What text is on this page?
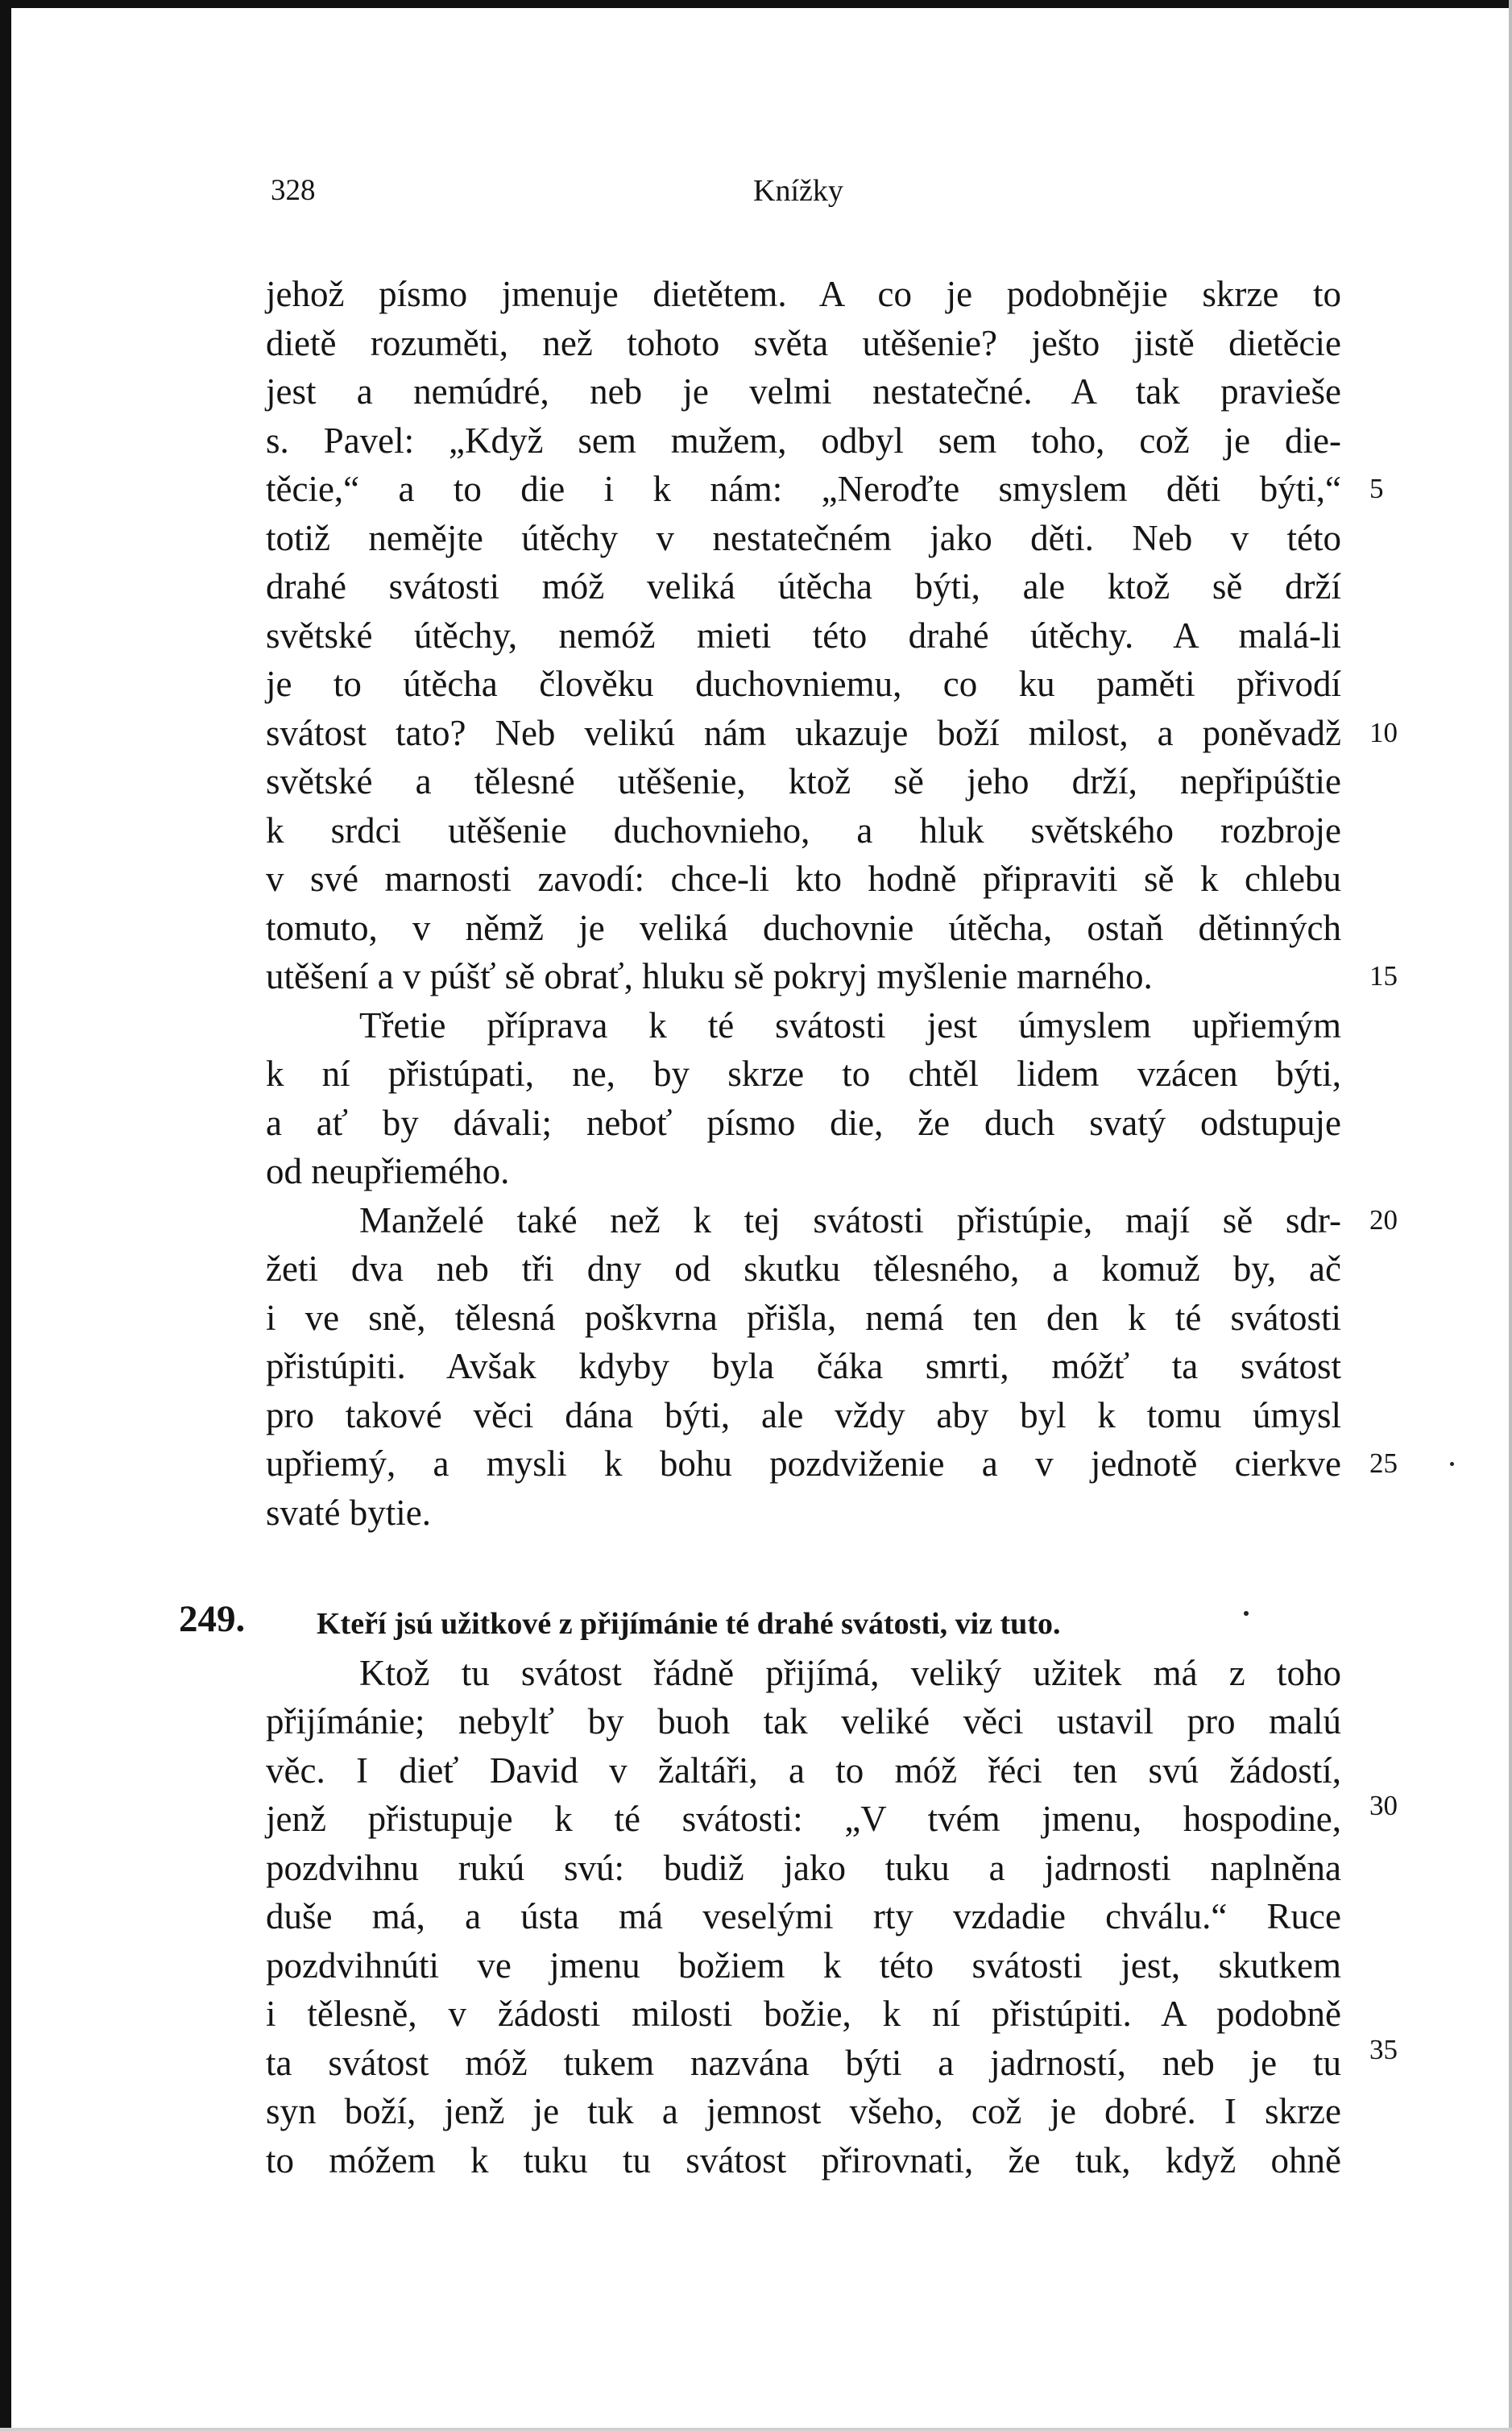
328	Knížky
jehož písmo jmenuje dietětem. A co je podobnějie skrze to
dietě rozuměti, než tohoto světa utěšenie? ješto jistě dietěcie
jest a nemúdré, neb je velmi nestatečné. A tak pravieše
s. Pavel: „Když sem mužem, odbyl sem toho, což je die-
těcie,“ a to die i k nám: „Neroďte smyslem děti býti,“
totiž nemějte útěchy v nestatečném jako děti. Neb v této
drahé svátosti móž veliká útěcha býti, ale ktož sě drží
světské útěchy, nemóž mieti této drahé útěchy. A malá-li
je to útěcha člověku duchovniemu, co ku paměti přivodí
svátost tato? Neb velikú nám ukazuje boží milost, a poněvadž
světské a tělesné utěšenie, ktož sě jeho drží, nepřipúštie
k srdci utěšenie duchovnieho, a hluk světského rozbroje
v své marnosti zavodí: chce-li kto hodně připraviti sě k chlebu
tomuto, v němž je veliká duchovnie útěcha, ostaň dětinných
utěšení a v púšť sě obrať, hluku sě pokryj myšlenie marného.
Třetie přípravа k té svátosti jest úmyslem upřiemým
k ní přistúpati, ne, by skrze to chtěl lidem vzácen býti,
a ať by dávali; neboť písmo die, že duch svatý odstupuje
od neupřiemého.
Manželé také než k tej svátosti přistúpie, mají sě sdr-
žeti dva neb tři dny od skutku tělesného, a komuž by, ač
i ve sně, tělesná poškvrna přišla, nemá ten den k té svátosti
přistúpiti. Avšak kdyby byla čáka smrti, móžť ta svátost
pro takové věci dána býti, ale vždy aby byl k tomu úmysl
upřiemý, a mysli k bohu pozdviženie a v jednotě cierkve
svaté bytie.
249. Kteří jsú užitkové z přijímánie té drahé svátosti, viz tuto.
Ktož tu svátost řádně přijímá, veliký užitek má z toho
přijímánie; nebylť by buoh tak veliké věci ustavil pro malú
věc. I dieť David v žaltáři, a to móž řéci ten svú žádostí,
jenž přistupuje k té svátosti: „V tvém jmenu, hospodine,
pozdvihnu rukú svú: budiž jako tuku a jadrnosti naplněna
duše má, a ústa má veselými rty vzdadie chválu.“ Ruce
pozdvihnúti ve jmenu božiem k této svátosti jest, skutkem
i tělesně, v žádosti milosti božie, k ní přistúpiti. A podobně
ta svátost móž tukem nazvána býti a jadrností, neb je tu
syn boží, jenž je tuk a jemnost všeho, což je dobré. I skrze
to móžem k tuku tu svátost přirovnati, že tuk, když ohně
5
10
15
20
25
30
35
